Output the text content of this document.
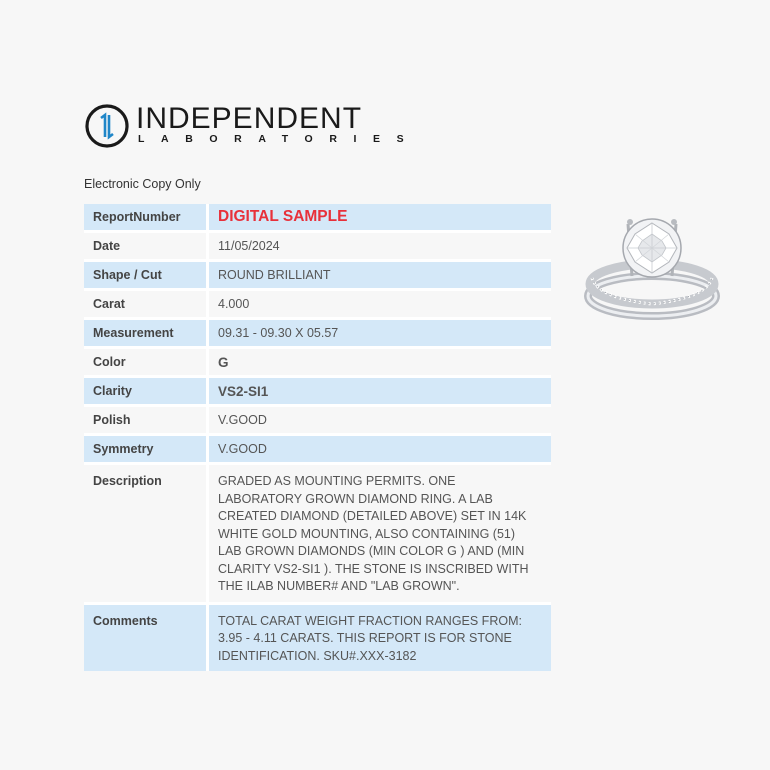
INDEPENDENT
LABORATORIES
Electronic Copy Only
ReportNumber	DIGITAL SAMPLE
Date	11/05/2024
Shape / Cut	ROUND BRILLIANT
Carat	4.000
Measurement	09.31 - 09.30 X 05.57
Color	G
Clarity	VS2-SI1
Polish	V.GOOD
Symmetry	V.GOOD
Description	GRADED AS MOUNTING PERMITS. ONE LABORATORY GROWN DIAMOND RING. A LAB CREATED DIAMOND (DETAILED ABOVE) SET IN 14K WHITE GOLD MOUNTING, ALSO CONTAINING (51) LAB GROWN DIAMONDS (MIN COLOR G ) AND (MIN CLARITY VS2-SI1 ). THE STONE IS INSCRIBED WITH THE ILAB NUMBER# AND "LAB GROWN".
Comments	TOTAL CARAT WEIGHT FRACTION RANGES FROM: 3.95 - 4.11 CARATS. THIS REPORT IS FOR STONE IDENTIFICATION. SKU#.XXX-3182
